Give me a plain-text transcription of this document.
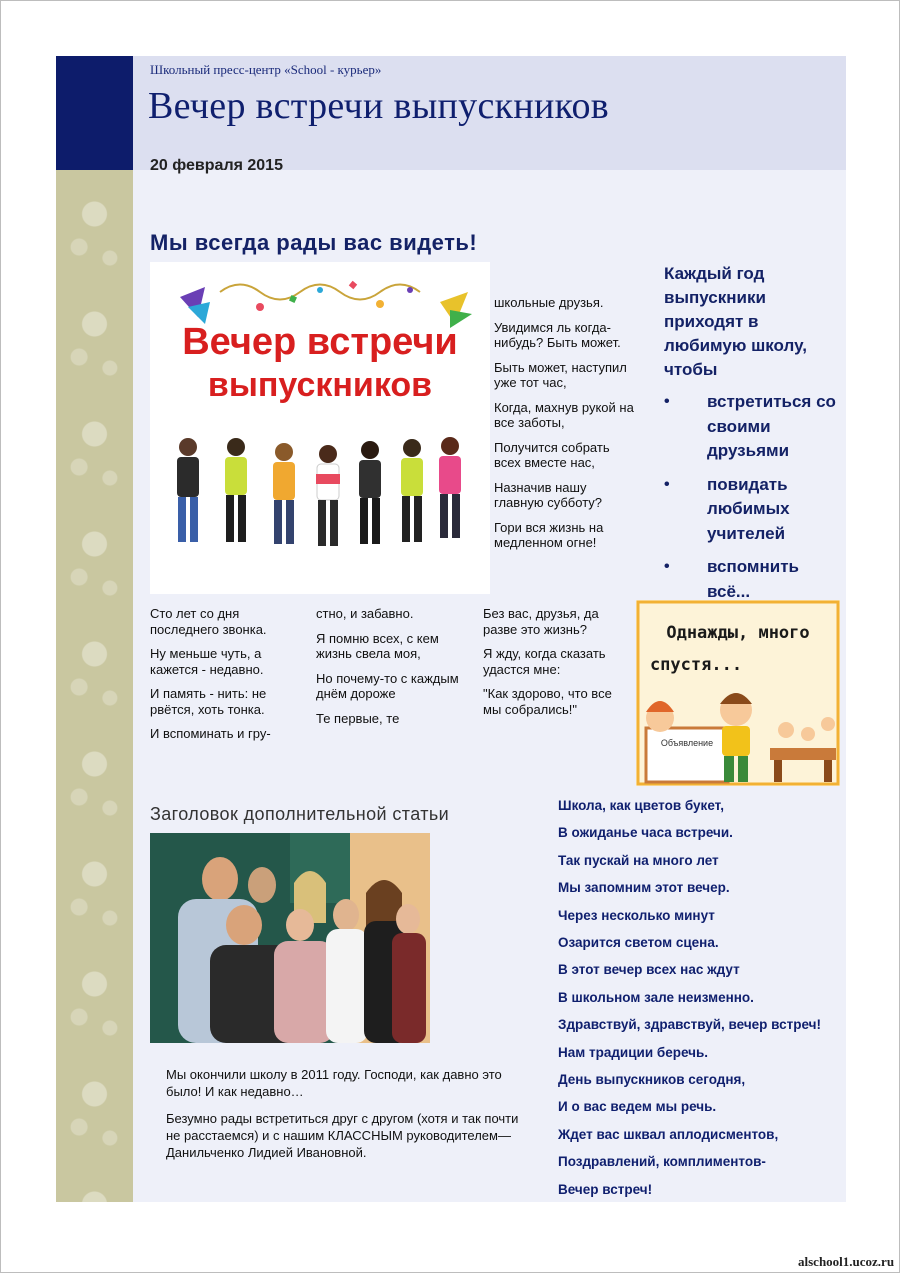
Школьный пресс-центр «School - курьер»
Вечер встречи выпускников
20 февраля 2015
Мы всегда рады вас видеть!
Вечер встречи
выпускников

школьные друзья.

Увидимся ль когда-нибудь? Быть может.

Быть может, наступил уже тот час,

Когда, махнув рукой на все заботы,

Получится собрать всех вместе нас,

Назначив нашу главную субботу?

Гори вся жизнь на медленном огне!

Сто лет со дня последнего звонка.

Ну меньше чуть, а кажется - недавно.

И память - нить: не рвётся, хоть тонка.

И вспоминать и гру-

стно, и забавно.

Я помню всех, с кем жизнь свела моя,

Но почему-то с каждым днём дороже

Те первые, те

Без вас, друзья, да разве это жизнь?

Я жду, когда сказать удастся мне:

"Как здорово, что все мы собрались!"

Каждый год выпускники приходят в любимую школу, чтобы
• встретиться со своими друзьями
• повидать любимых учителей
• вспомнить всё...
Однажды, много
спустя...
Объявление
Заголовок дополнительной статьи

Мы окончили школу в 2011 году. Господи, как давно это было! И как недавно…

Безумно рады встретиться друг с другом (хотя и так почти не расстаемся) и с нашим КЛАССНЫМ руководителем—Данильченко Лидией Ивановной.

Школа, как цветов букет,
В ожиданье часа встречи.
Так пускай на много лет
Мы запомним этот вечер.
Через несколько минут
Озарится светом сцена.
В этот вечер всех нас ждут
В школьном зале неизменно.
Здравствуй, здравствуй, вечер встреч!
Нам традиции беречь.
День выпускников сегодня,
И о вас ведем мы речь.
Ждет вас шквал аплодисментов,
Поздравлений, комплиментов-
Вечер встреч!
alschool1.ucoz.ru
